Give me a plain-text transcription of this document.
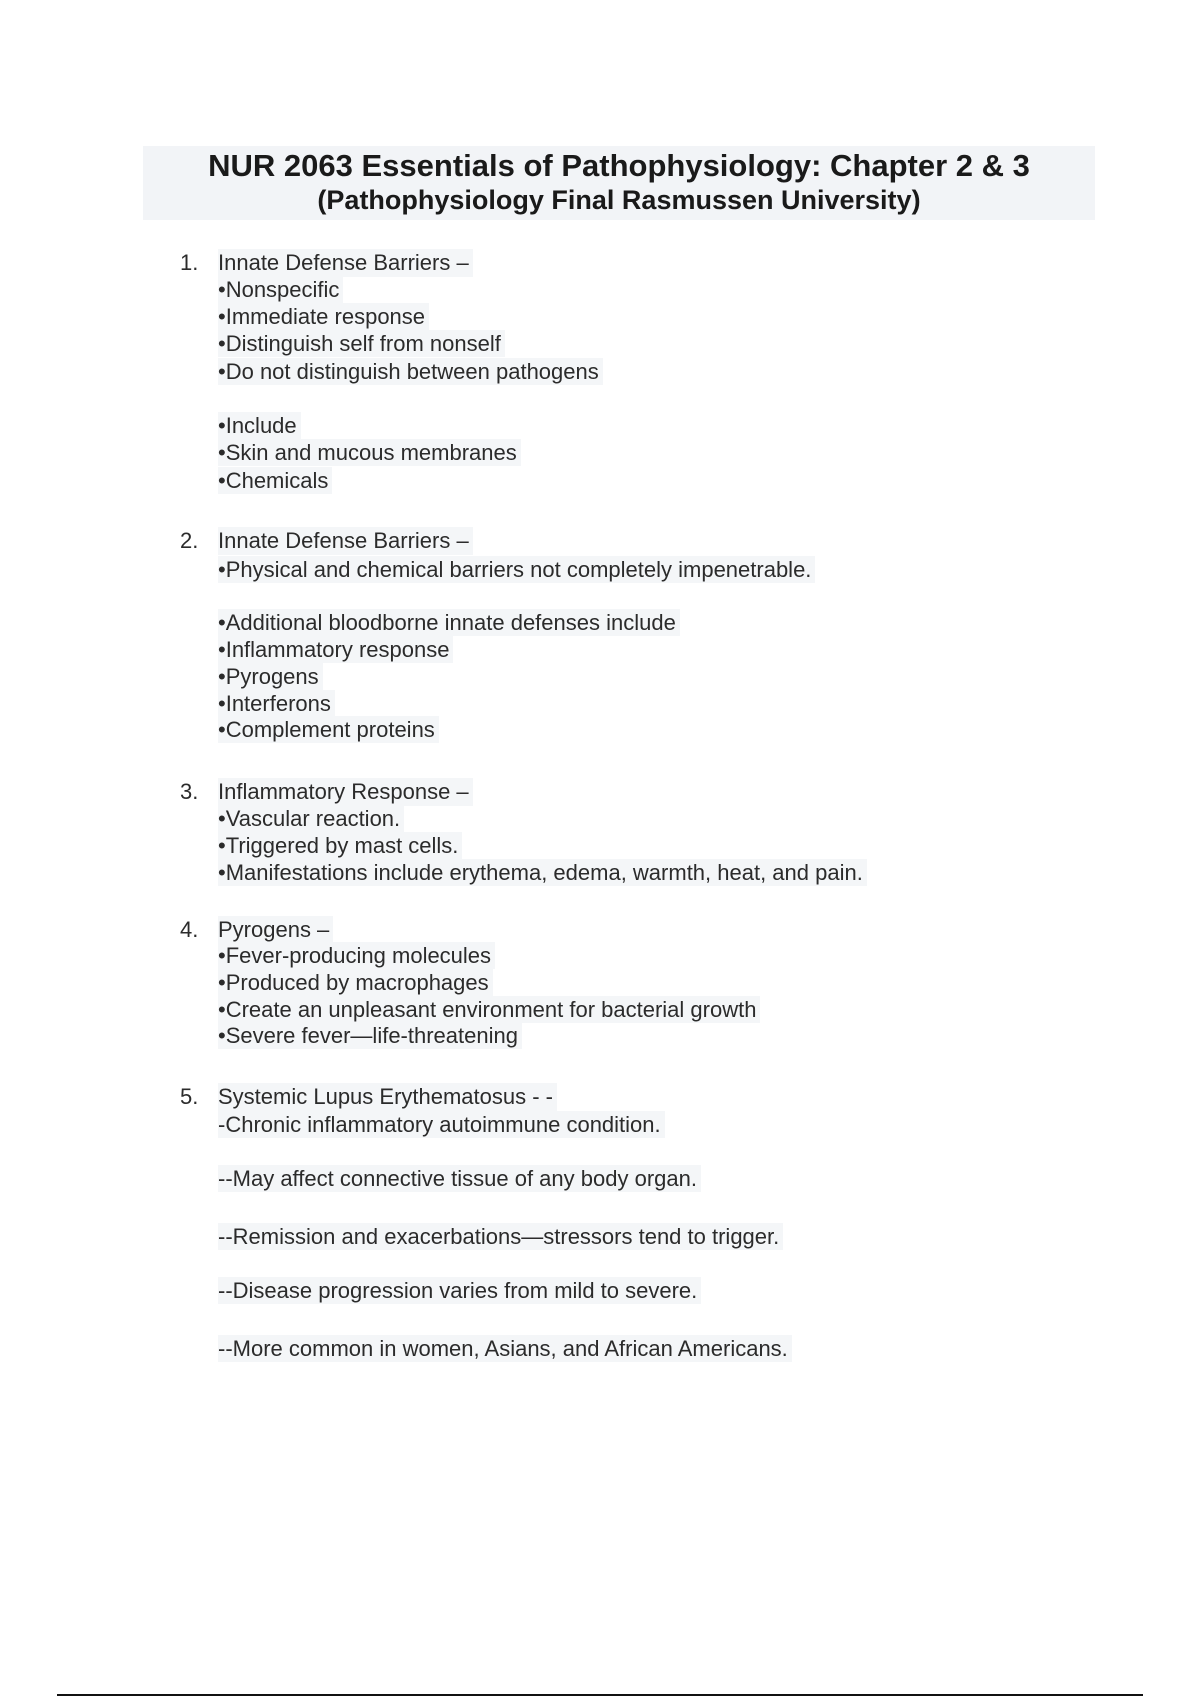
NUR 2063 Essentials of Pathophysiology: Chapter 2 & 3
(Pathophysiology Final Rasmussen University)
1. Innate Defense Barriers –
•Nonspecific
•Immediate response
•Distinguish self from nonself
•Do not distinguish between pathogens
•Include
•Skin and mucous membranes
•Chemicals
2. Innate Defense Barriers –
•Physical and chemical barriers not completely impenetrable.
•Additional bloodborne innate defenses include
•Inflammatory response
•Pyrogens
•Interferons
•Complement proteins
3. Inflammatory Response –
•Vascular reaction.
•Triggered by mast cells.
•Manifestations include erythema, edema, warmth, heat, and pain.
4. Pyrogens –
•Fever-producing molecules
•Produced by macrophages
•Create an unpleasant environment for bacterial growth
•Severe fever—life-threatening
5. Systemic Lupus Erythematosus - -
-Chronic inflammatory autoimmune condition.
--May affect connective tissue of any body organ.
--Remission and exacerbations—stressors tend to trigger.
--Disease progression varies from mild to severe.
--More common in women, Asians, and African Americans.
